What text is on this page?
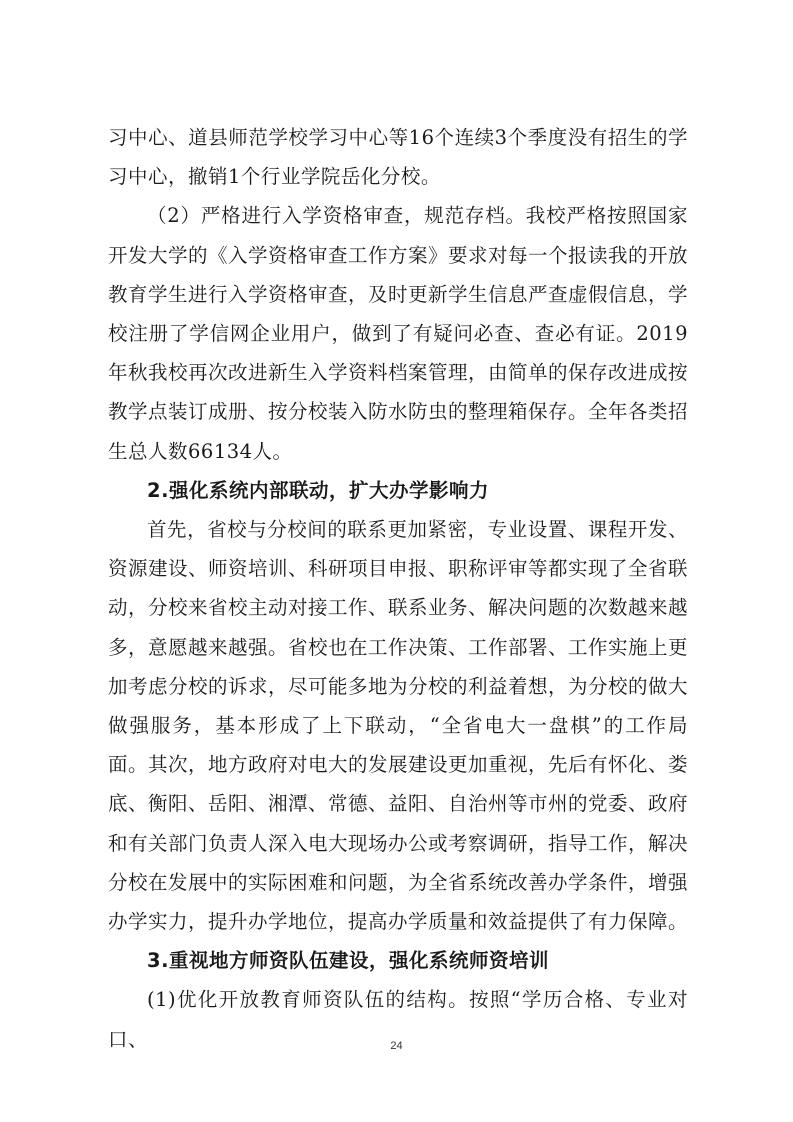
习中心、道县师范学校学习中心等16个连续3个季度没有招生的学习中心，撤销1个行业学院岳化分校。

（2）严格进行入学资格审查，规范存档。我校严格按照国家开发大学的《入学资格审查工作方案》要求对每一个报读我的开放教育学生进行入学资格审查，及时更新学生信息严查虚假信息，学校注册了学信网企业用户，做到了有疑问必查、查必有证。2019年秋我校再次改进新生入学资料档案管理，由简单的保存改进成按教学点装订成册、按分校装入防水防虫的整理箱保存。全年各类招生总人数66134人。

2.强化系统内部联动，扩大办学影响力

首先，省校与分校间的联系更加紧密，专业设置、课程开发、资源建设、师资培训、科研项目申报、职称评审等都实现了全省联动，分校来省校主动对接工作、联系业务、解决问题的次数越来越多，意愿越来越强。省校也在工作决策、工作部署、工作实施上更加考虑分校的诉求，尽可能多地为分校的利益着想，为分校的做大做强服务，基本形成了上下联动，“全省电大一盘棋”的工作局面。其次，地方政府对电大的发展建设更加重视，先后有怀化、娄底、衡阳、岳阳、湘潭、常德、益阳、自治州等市州的党委、政府和有关部门负责人深入电大现场办公或考察调研，指导工作，解决分校在发展中的实际困难和问题，为全省系统改善办学条件，增强办学实力，提升办学地位，提高办学质量和效益提供了有力保障。

3.重视地方师资队伍建设，强化系统师资培训

(1)优化开放教育师资队伍的结构。按照“学历合格、专业对口、	24
